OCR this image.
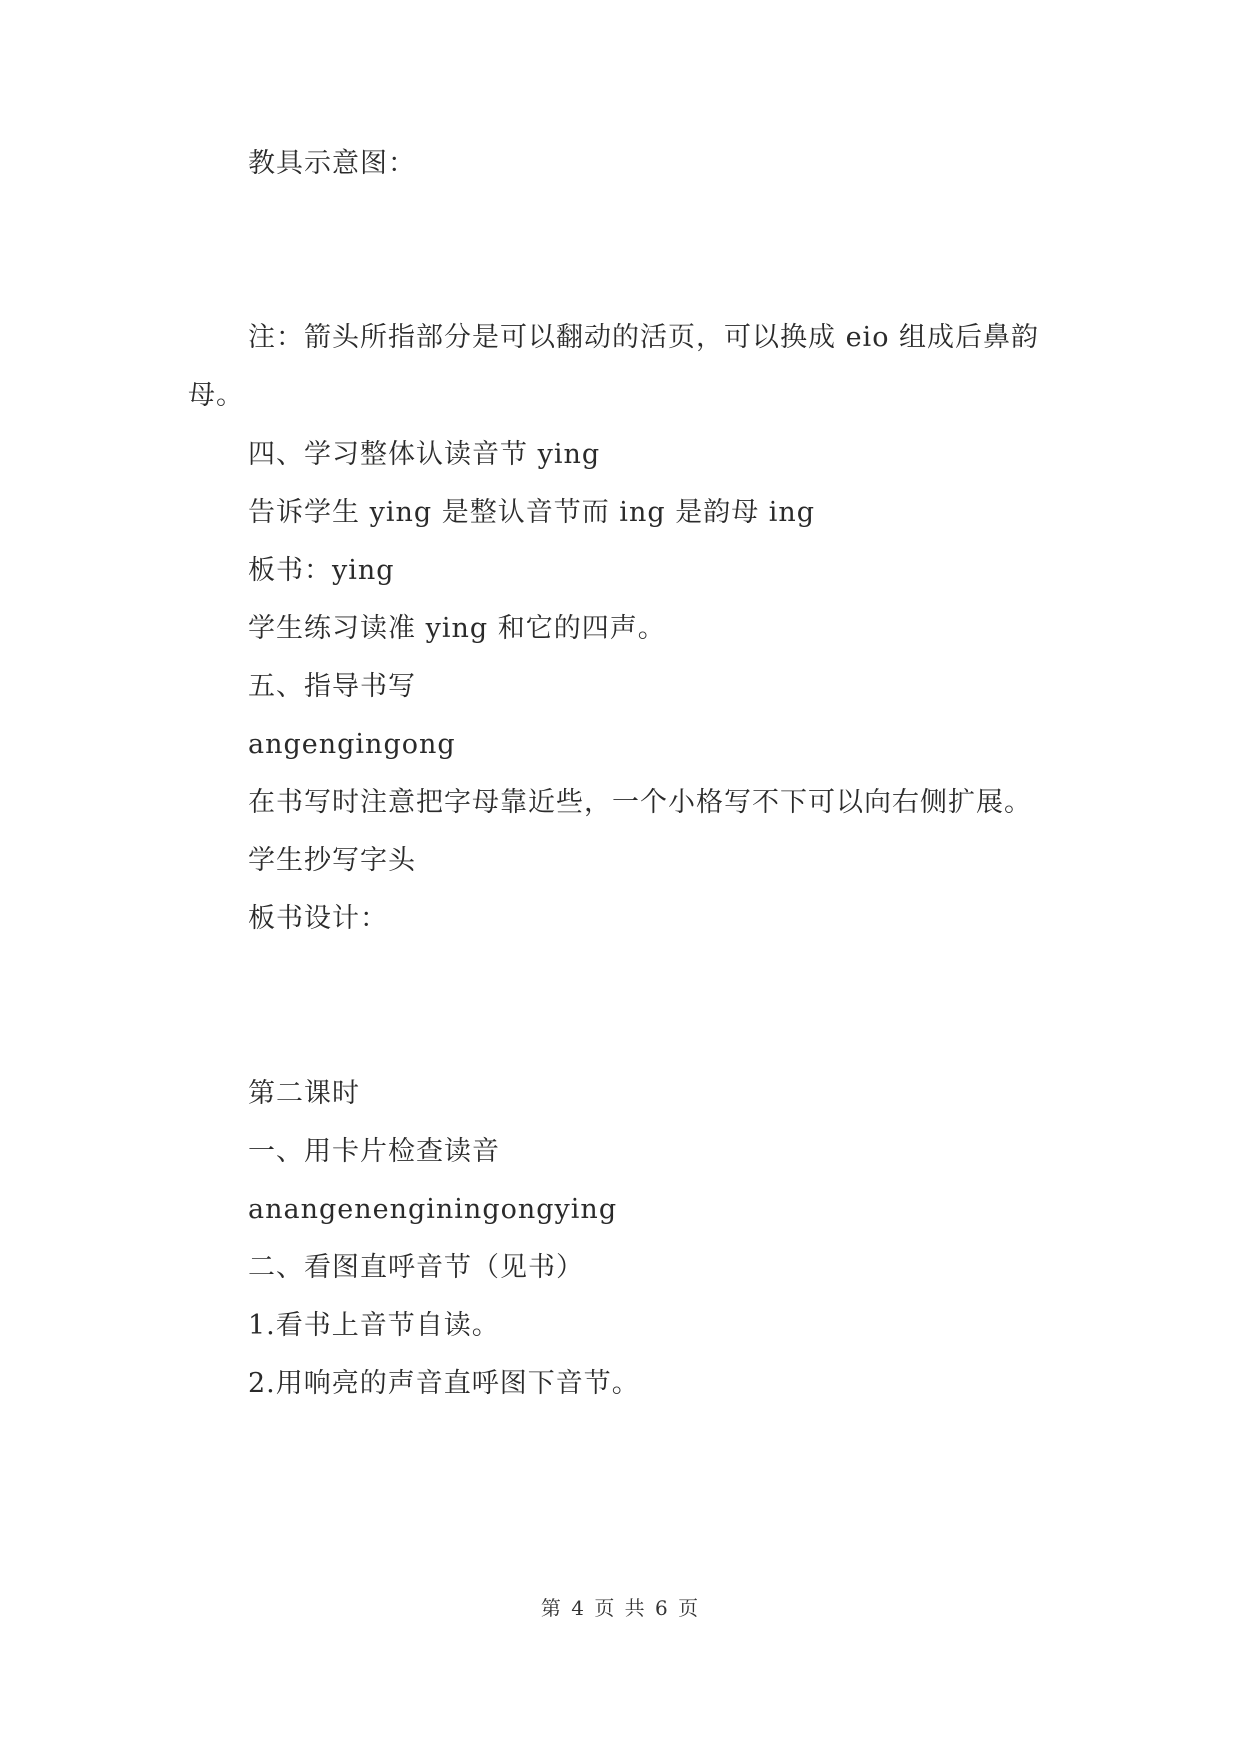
教具示意图：
注：箭头所指部分是可以翻动的活页，可以换成 eio 组成后鼻韵
母。
四、学习整体认读音节 ying
告诉学生 ying 是整认音节而 ing 是韵母 ing
板书：ying
学生练习读准 ying 和它的四声。
五、指导书写
angengingong
在书写时注意把字母靠近些，一个小格写不下可以向右侧扩展。
学生抄写字头
板书设计：
第二课时
一、用卡片检查读音
anangenenginingongying
二、看图直呼音节（见书）
1.看书上音节自读。
2.用响亮的声音直呼图下音节。
第 4 页 共 6 页
